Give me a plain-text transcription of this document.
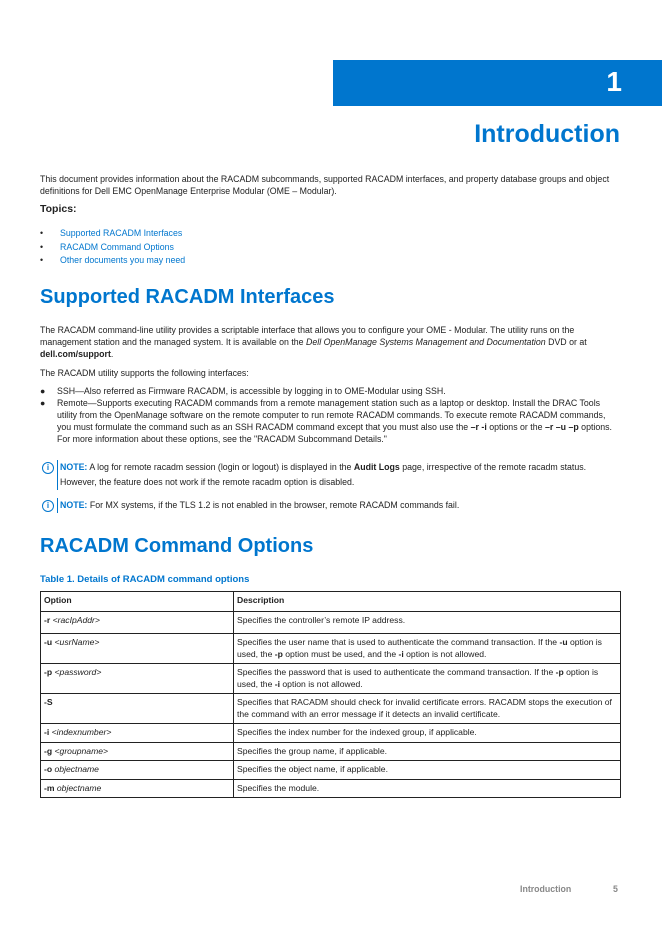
1
Introduction

This document provides information about the RACADM subcommands, supported RACADM interfaces, and property database groups and object definitions for Dell EMC OpenManage Enterprise Modular (OME – Modular).

Topics:

• Supported RACADM Interfaces
• RACADM Command Options
• Other documents you may need
Supported RACADM Interfaces

The RACADM command-line utility provides a scriptable interface that allows you to configure your OME - Modular. The utility runs on the management station and the managed system. It is available on the Dell OpenManage Systems Management and Documentation DVD or at dell.com/support.

The RACADM utility supports the following interfaces:

● SSH—Also referred as Firmware RACADM, is accessible by logging in to OME-Modular using SSH.
● Remote—Supports executing RACADM commands from a remote management station such as a laptop or desktop. Install the DRAC Tools utility from the OpenManage software on the remote computer to run remote RACADM commands. To execute remote RACADM commands, you must formulate the command such as an SSH RACADM command except that you must also use the –r -i options or the –r –u –p options. For more information about these options, see the "RACADM Subcommand Details."
i	NOTE: A log for remote racadm session (login or logout) is displayed in the Audit Logs page, irrespective of the remote racadm status. However, the feature does not work if the remote racadm option is disabled.
i	NOTE: For MX systems, if the TLS 1.2 is not enabled in the browser, remote RACADM commands fail.
RACADM Command Options

Table 1. Details of RACADM command options

Option	Description
-r <racIpAddr>	Specifies the controller’s remote IP address.
-u <usrName>	Specifies the user name that is used to authenticate the command transaction. If the -u option is used, the -p option must be used, and the -i option is not allowed.
-p <password>	Specifies the password that is used to authenticate the command transaction. If the -p option is used, the -i option is not allowed.
-S	Specifies that RACADM should check for invalid certificate errors. RACADM stops the execution of the command with an error message if it detects an invalid certificate.
-i <indexnumber>	Specifies the index number for the indexed group, if applicable.
-g <groupname>	Specifies the group name, if applicable.
-o objectname	Specifies the object name, if applicable.
-m objectname	Specifies the module.
Introduction	5
